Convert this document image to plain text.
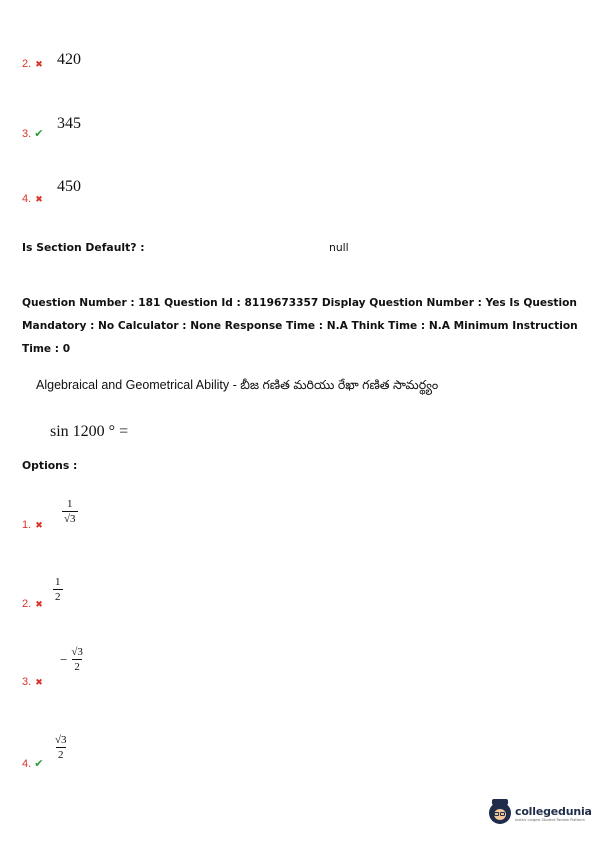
2. ✖ 420
3. ✔
345
4. ✖
450
Is Section Default? :	null
Question Number : 181 Question Id : 8119673357 Display Question Number : Yes Is Question Mandatory : No Calculator : None Response Time : N.A Think Time : N.A Minimum Instruction Time : 0
Algebraical and Geometrical Ability - బీజ గణిత మరియు రేఖా గణిత సామర్థ్యం
sin 1200 ° =
Options :
1. ✖
$\frac{1}{√3}$
2. ✖
$\frac{1}{2}$
3. ✖
− $\frac{√3}{2}$
4. ✔
$\frac{√3}{2}$
collegedunia
India's Largest Student Review Platform
